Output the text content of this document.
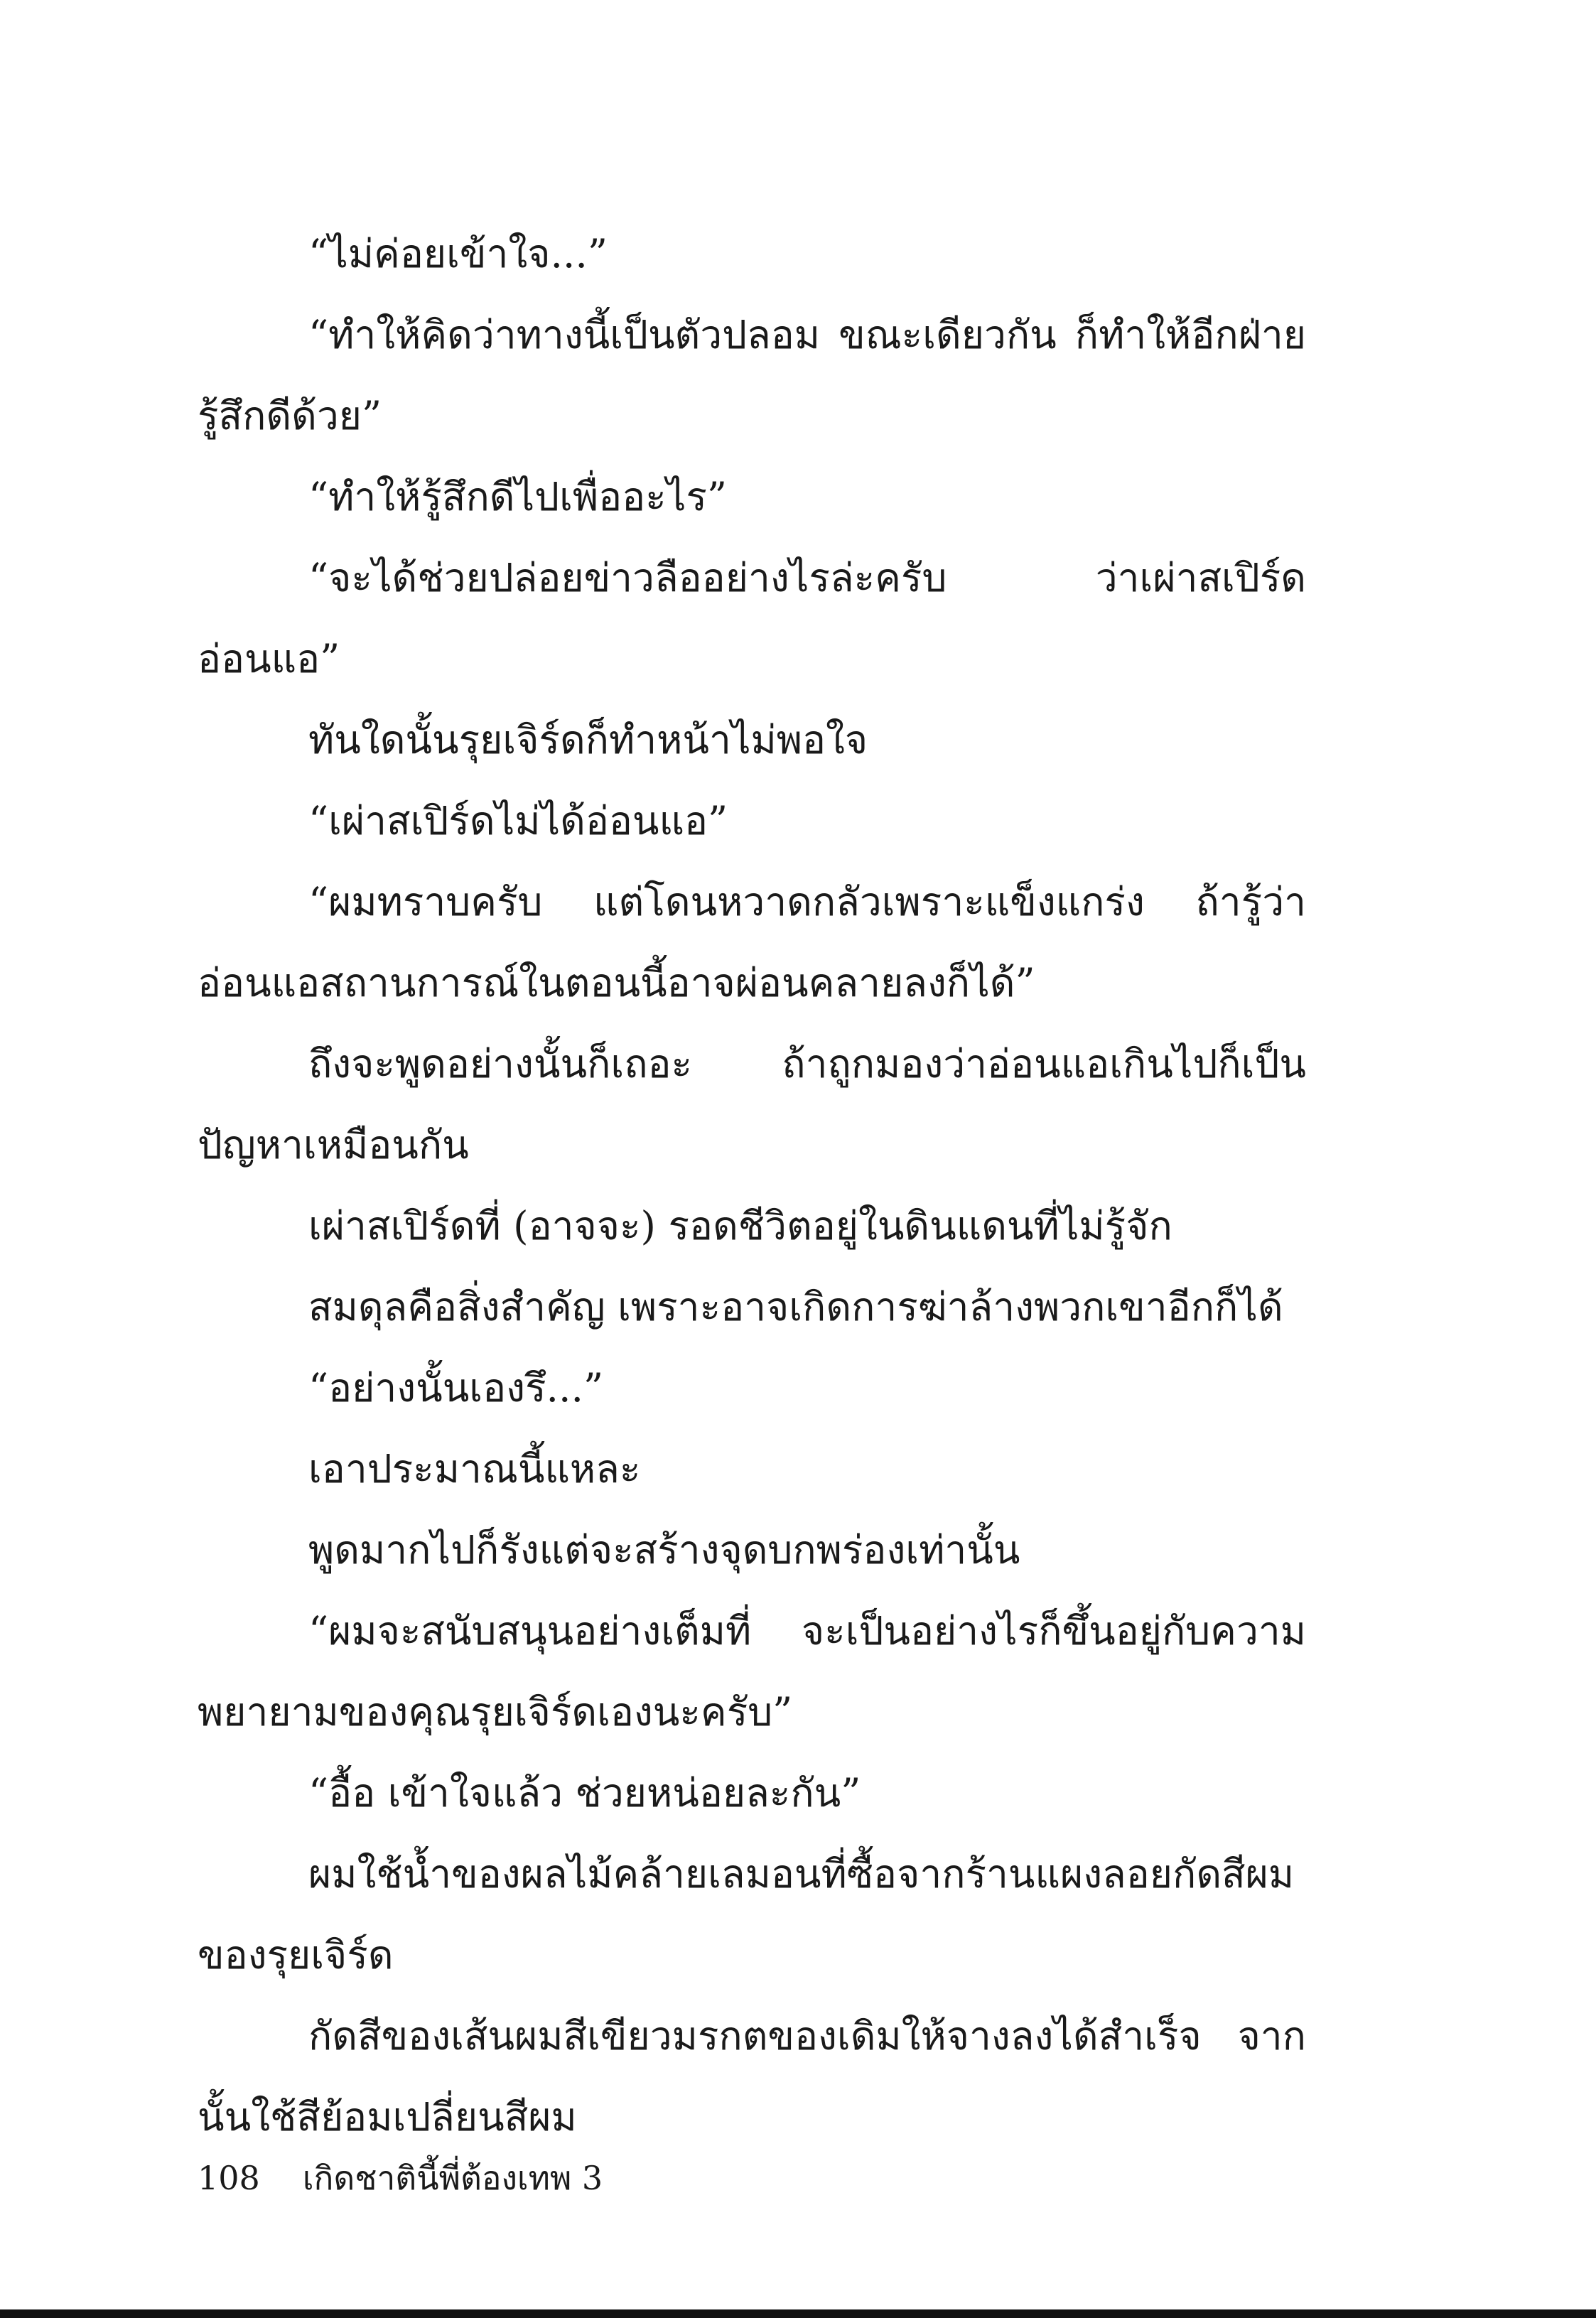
“ไม่ค่อยเข้าใจ...”

“ทำให้คิดว่าทางนี้เป็นตัวปลอม ขณะเดียวกัน ก็ทำให้อีกฝ่ายรู้สึกดีด้วย”

“ทำให้รู้สึกดีไปเพื่ออะไร”

“จะได้ช่วยปล่อยข่าวลืออย่างไรล่ะครับ ว่าเผ่าสเปิร์ดอ่อนแอ”

ทันใดนั้นรุยเจิร์ดก็ทำหน้าไม่พอใจ

“เผ่าสเปิร์ดไม่ได้อ่อนแอ”

“ผมทราบครับ แต่โดนหวาดกลัวเพราะแข็งแกร่ง ถ้ารู้ว่าอ่อนแอสถานการณ์ในตอนนี้อาจผ่อนคลายลงก็ได้”

ถึงจะพูดอย่างนั้นก็เถอะ ถ้าถูกมองว่าอ่อนแอเกินไปก็เป็นปัญหาเหมือนกัน

เผ่าสเปิร์ดที่ (อาจจะ) รอดชีวิตอยู่ในดินแดนที่ไม่รู้จัก

สมดุลคือสิ่งสำคัญ เพราะอาจเกิดการฆ่าล้างพวกเขาอีกก็ได้

“อย่างนั้นเองรึ...”

เอาประมาณนี้แหละ

พูดมากไปก็รังแต่จะสร้างจุดบกพร่องเท่านั้น

“ผมจะสนับสนุนอย่างเต็มที่ จะเป็นอย่างไรก็ขึ้นอยู่กับความพยายามของคุณรุยเจิร์ดเองนะครับ”

“อื้อ เข้าใจแล้ว ช่วยหน่อยละกัน”

ผมใช้น้ำของผลไม้คล้ายเลมอนที่ซื้อจากร้านแผงลอยกัดสีผมของรุยเจิร์ด

กัดสีของเส้นผมสีเขียวมรกตของเดิมให้จางลงได้สำเร็จ จากนั้นใช้สีย้อมเปลี่ยนสีผม

108 เกิดชาตินี้พี่ต้องเทพ 3
